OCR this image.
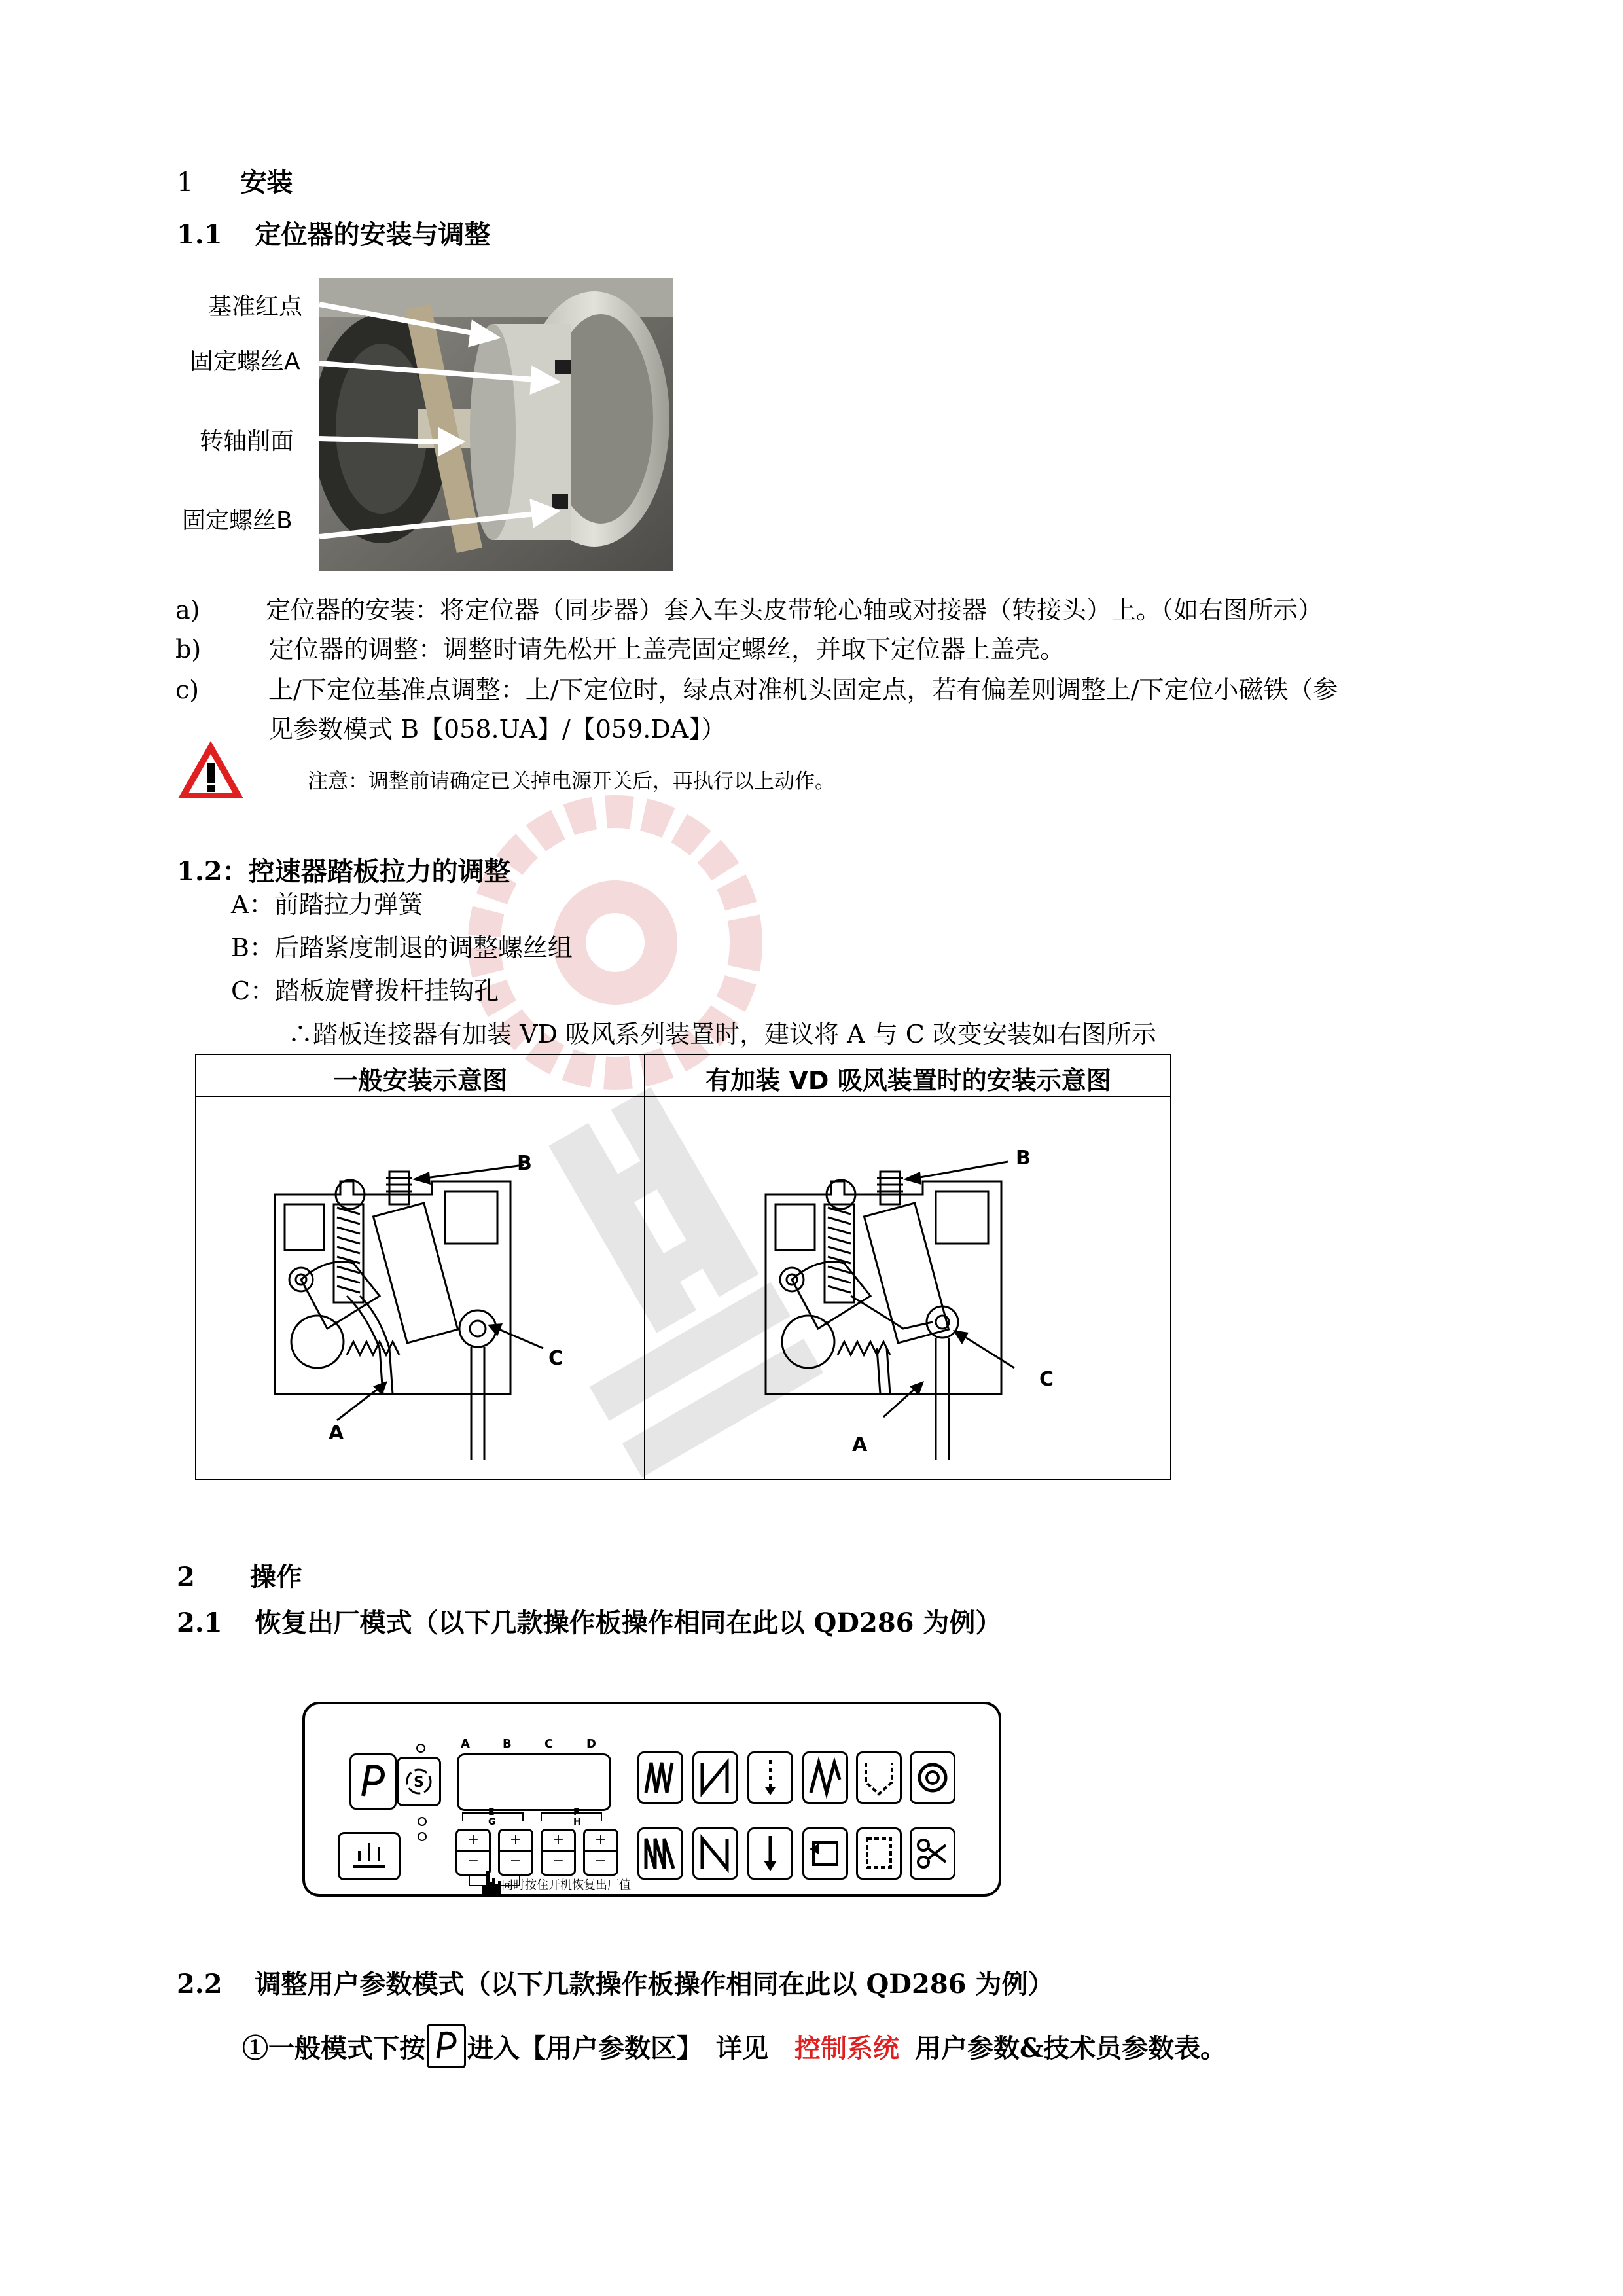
1 安装
1.1 定位器的安装与调整
基准红点
固定螺丝A
转轴削面
固定螺丝B
a)	定位器的安装：将定位器（同步器）套入车头皮带轮心轴或对接器（转接头）上。（如右图所示）
b)	定位器的调整：调整时请先松开上盖壳固定螺丝，并取下定位器上盖壳。
c)	上/下定位基准点调整：上/下定位时，绿点对准机头固定点，若有偏差则调整上/下定位小磁铁（参
见参数模式 B【058.UA】/【059.DA】）
注意：调整前请确定已关掉电源开关后，再执行以上动作。
1.2：控速器踏板拉力的调整
A：前踏拉力弹簧
B：后踏紧度制退的调整螺丝组
C：踏板旋臂拨杆挂钩孔
∴踏板连接器有加装 VD 吸风系列装置时，建议将 A 与 C 改变安装如右图所示
一般安装示意图	有加装 VD 吸风装置时的安装示意图
B
C
A
B
C
A
2 操作
2.1 恢复出厂模式（以下几款操作板操作相同在此以 QD286 为例）
S
A	B	C	D
E
G
F
H
+
−
+
−
+
−
+
−
同时按住开机恢复出厂值
2.2 调整用户参数模式（以下几款操作板操作相同在此以 QD286 为例）
①一般模式下按 进入【用户参数区】　详见 控制系统 用户参数&技术员参数表。
